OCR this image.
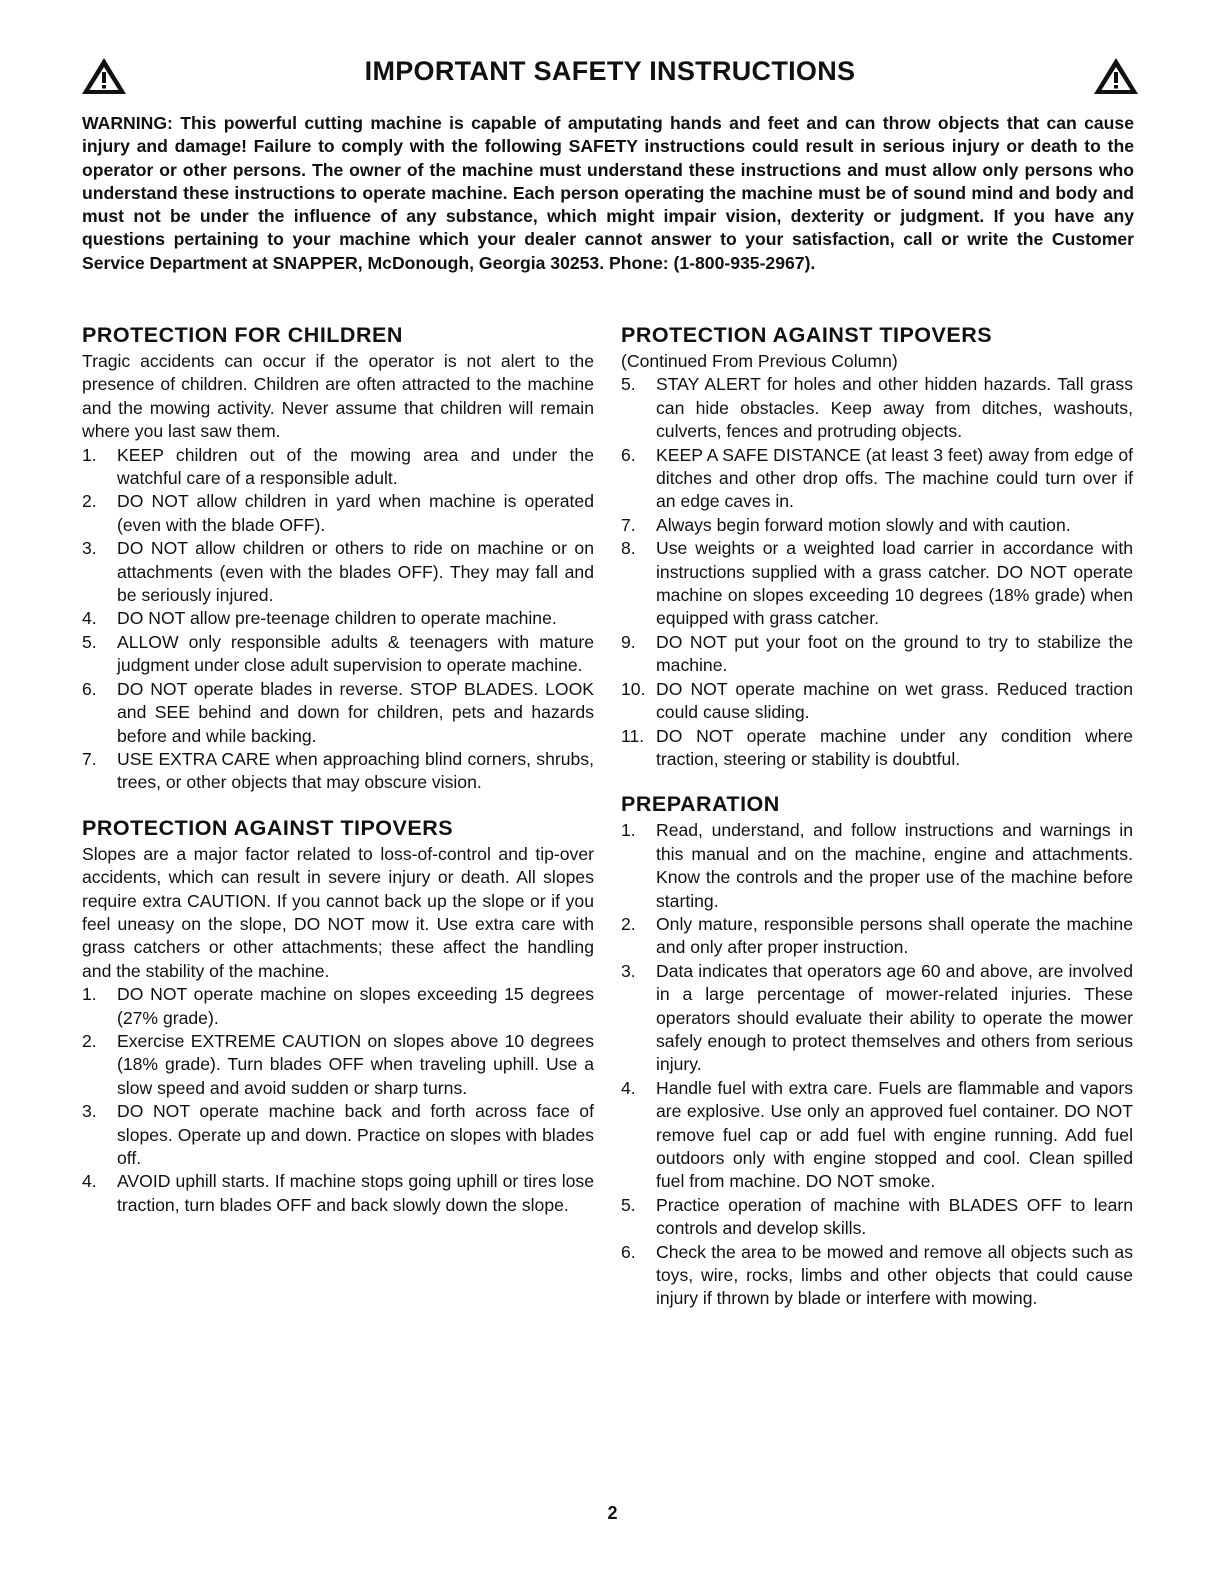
IMPORTANT SAFETY INSTRUCTIONS

WARNING: This powerful cutting machine is capable of amputating hands and feet and can throw objects that can cause injury and damage! Failure to comply with the following SAFETY instructions could result in serious injury or death to the operator or other persons. The owner of the machine must understand these instructions and must allow only persons who understand these instructions to operate machine. Each person operating the machine must be of sound mind and body and must not be under the influence of any substance, which might impair vision, dexterity or judgment. If you have any questions pertaining to your machine which your dealer cannot answer to your satisfaction, call or write the Customer Service Department at SNAPPER, McDonough, Georgia 30253. Phone: (1-800-935-2967).

PROTECTION FOR CHILDREN

Tragic accidents can occur if the operator is not alert to the presence of children. Children are often attracted to the machine and the mowing activity. Never assume that children will remain where you last saw them.

1. KEEP children out of the mowing area and under the watchful care of a responsible adult.
2. DO NOT allow children in yard when machine is operated (even with the blade OFF).
3. DO NOT allow children or others to ride on machine or on attachments (even with the blades OFF). They may fall and be seriously injured.
4. DO NOT allow pre-teenage children to operate machine.
5. ALLOW only responsible adults & teenagers with mature judgment under close adult supervision to operate machine.
6. DO NOT operate blades in reverse. STOP BLADES. LOOK and SEE behind and down for children, pets and hazards before and while backing.
7. USE EXTRA CARE when approaching blind corners, shrubs, trees, or other objects that may obscure vision.
PROTECTION AGAINST TIPOVERS

Slopes are a major factor related to loss-of-control and tip-over accidents, which can result in severe injury or death. All slopes require extra CAUTION. If you cannot back up the slope or if you feel uneasy on the slope, DO NOT mow it. Use extra care with grass catchers or other attachments; these affect the handling and the stability of the machine.

1. DO NOT operate machine on slopes exceeding 15 degrees (27% grade).
2. Exercise EXTREME CAUTION on slopes above 10 degrees (18% grade). Turn blades OFF when traveling uphill. Use a slow speed and avoid sudden or sharp turns.
3. DO NOT operate machine back and forth across face of slopes. Operate up and down. Practice on slopes with blades off.
4. AVOID uphill starts. If machine stops going uphill or tires lose traction, turn blades OFF and back slowly down the slope.
PROTECTION AGAINST TIPOVERS

(Continued From Previous Column)

5. STAY ALERT for holes and other hidden hazards. Tall grass can hide obstacles. Keep away from ditches, washouts, culverts, fences and protruding objects.
6. KEEP A SAFE DISTANCE (at least 3 feet) away from edge of ditches and other drop offs. The machine could turn over if an edge caves in.
7. Always begin forward motion slowly and with caution.
8. Use weights or a weighted load carrier in accordance with instructions supplied with a grass catcher. DO NOT operate machine on slopes exceeding 10 degrees (18% grade) when equipped with grass catcher.
9. DO NOT put your foot on the ground to try to stabilize the machine.
10. DO NOT operate machine on wet grass. Reduced traction could cause sliding.
11. DO NOT operate machine under any condition where traction, steering or stability is doubtful.
PREPARATION
1. Read, understand, and follow instructions and warnings in this manual and on the machine, engine and attachments. Know the controls and the proper use of the machine before starting.
2. Only mature, responsible persons shall operate the machine and only after proper instruction.
3. Data indicates that operators age 60 and above, are involved in a large percentage of mower-related injuries. These operators should evaluate their ability to operate the mower safely enough to protect themselves and others from serious injury.
4. Handle fuel with extra care. Fuels are flammable and vapors are explosive. Use only an approved fuel container. DO NOT remove fuel cap or add fuel with engine running. Add fuel outdoors only with engine stopped and cool. Clean spilled fuel from machine. DO NOT smoke.
5. Practice operation of machine with BLADES OFF to learn controls and develop skills.
6. Check the area to be mowed and remove all objects such as toys, wire, rocks, limbs and other objects that could cause injury if thrown by blade or interfere with mowing.
2
